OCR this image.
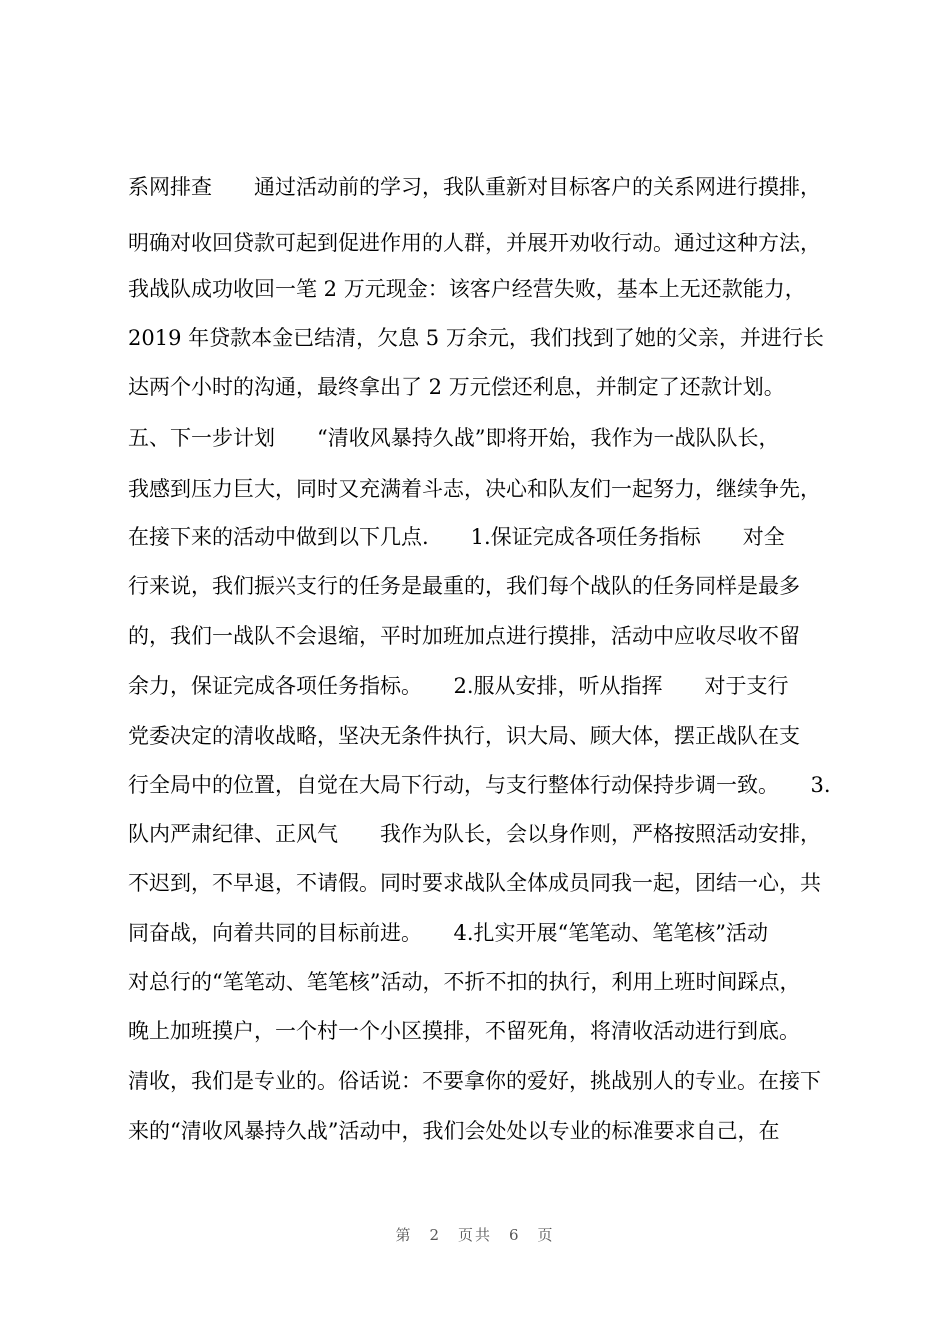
系网排查　　通过活动前的学习，我队重新对目标客户的关系网进行摸排，
明确对收回贷款可起到促进作用的人群，并展开劝收行动。通过这种方法，
我战队成功收回一笔 2 万元现金：该客户经营失败，基本上无还款能力，
2019 年贷款本金已结清，欠息 5 万余元，我们找到了她的父亲，并进行长
达两个小时的沟通，最终拿出了 2 万元偿还利息，并制定了还款计划。
五、下一步计划　　“清收风暴持久战”即将开始，我作为一战队队长，
我感到压力巨大，同时又充满着斗志，决心和队友们一起努力，继续争先，
在接下来的活动中做到以下几点.　　1.保证完成各项任务指标　　对全
行来说，我们振兴支行的任务是最重的，我们每个战队的任务同样是最多
的，我们一战队不会退缩，平时加班加点进行摸排，活动中应收尽收不留
余力，保证完成各项任务指标。　　2.服从安排，听从指挥　　对于支行
党委决定的清收战略，坚决无条件执行，识大局、顾大体，摆正战队在支
行全局中的位置，自觉在大局下行动，与支行整体行动保持步调一致。　　3.
队内严肃纪律、正风气　　我作为队长，会以身作则，严格按照活动安排，
不迟到，不早退，不请假。同时要求战队全体成员同我一起，团结一心，共
同奋战，向着共同的目标前进。　　4.扎实开展“笔笔动、笔笔核”活动
对总行的“笔笔动、笔笔核”活动，不折不扣的执行，利用上班时间踩点，
晚上加班摸户，一个村一个小区摸排，不留死角，将清收活动进行到底。
清收，我们是专业的。俗话说：不要拿你的爱好，挑战别人的专业。在接下
来的“清收风暴持久战”活动中，我们会处处以专业的标准要求自己，在
第　2　页共　6　页
